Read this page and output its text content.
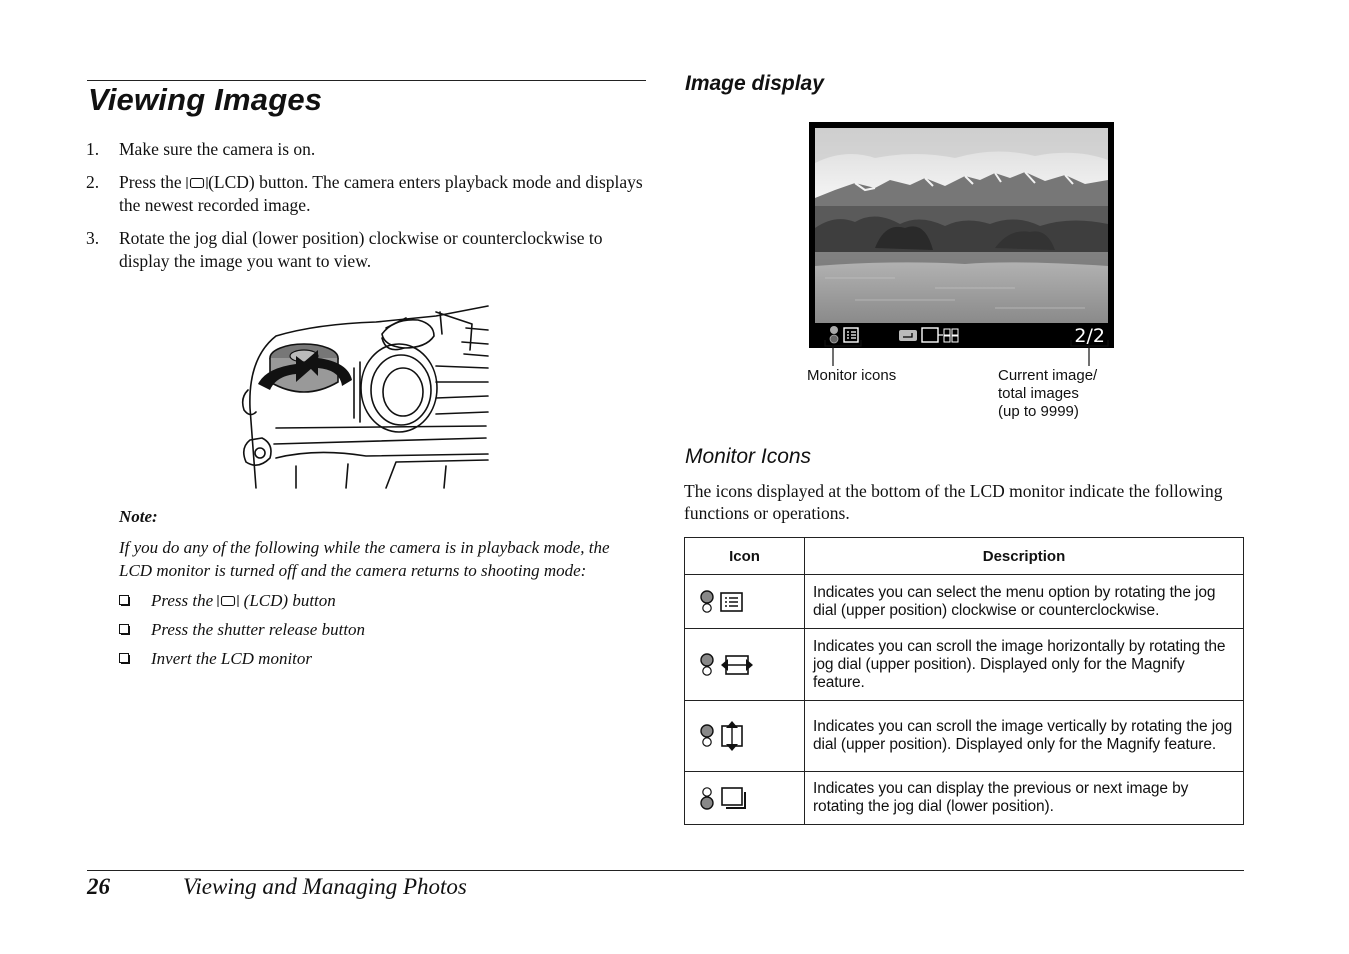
Viewing Images
1. Make sure the camera is on.
2. Press the (LCD) button. The camera enters playback mode and displays the newest recorded image.
3. Rotate the jog dial (lower position) clockwise or counterclockwise to display the image you want to view.
Note:
If you do any of the following while the camera is in playback mode, the LCD monitor is turned off and the camera returns to shooting mode:
Press the (LCD) button
Press the shutter release button
Invert the LCD monitor
Image display
2/2
Monitor icons	Current image/
total images
(up to 9999)
Monitor Icons
The icons displayed at the bottom of the LCD monitor indicate the following functions or operations.
Icon	Description

	Indicates you can select the menu option by rotating the jog dial (upper position) clockwise or counterclockwise.

	Indicates you can scroll the image horizontally by rotating the jog dial (upper position). Displayed only for the Magnify feature.

	Indicates you can scroll the image vertically by rotating the jog dial (upper position). Displayed only for the Magnify feature.

	Indicates you can display the previous or next image by rotating the jog dial (lower position).
26	Viewing and Managing Photos
